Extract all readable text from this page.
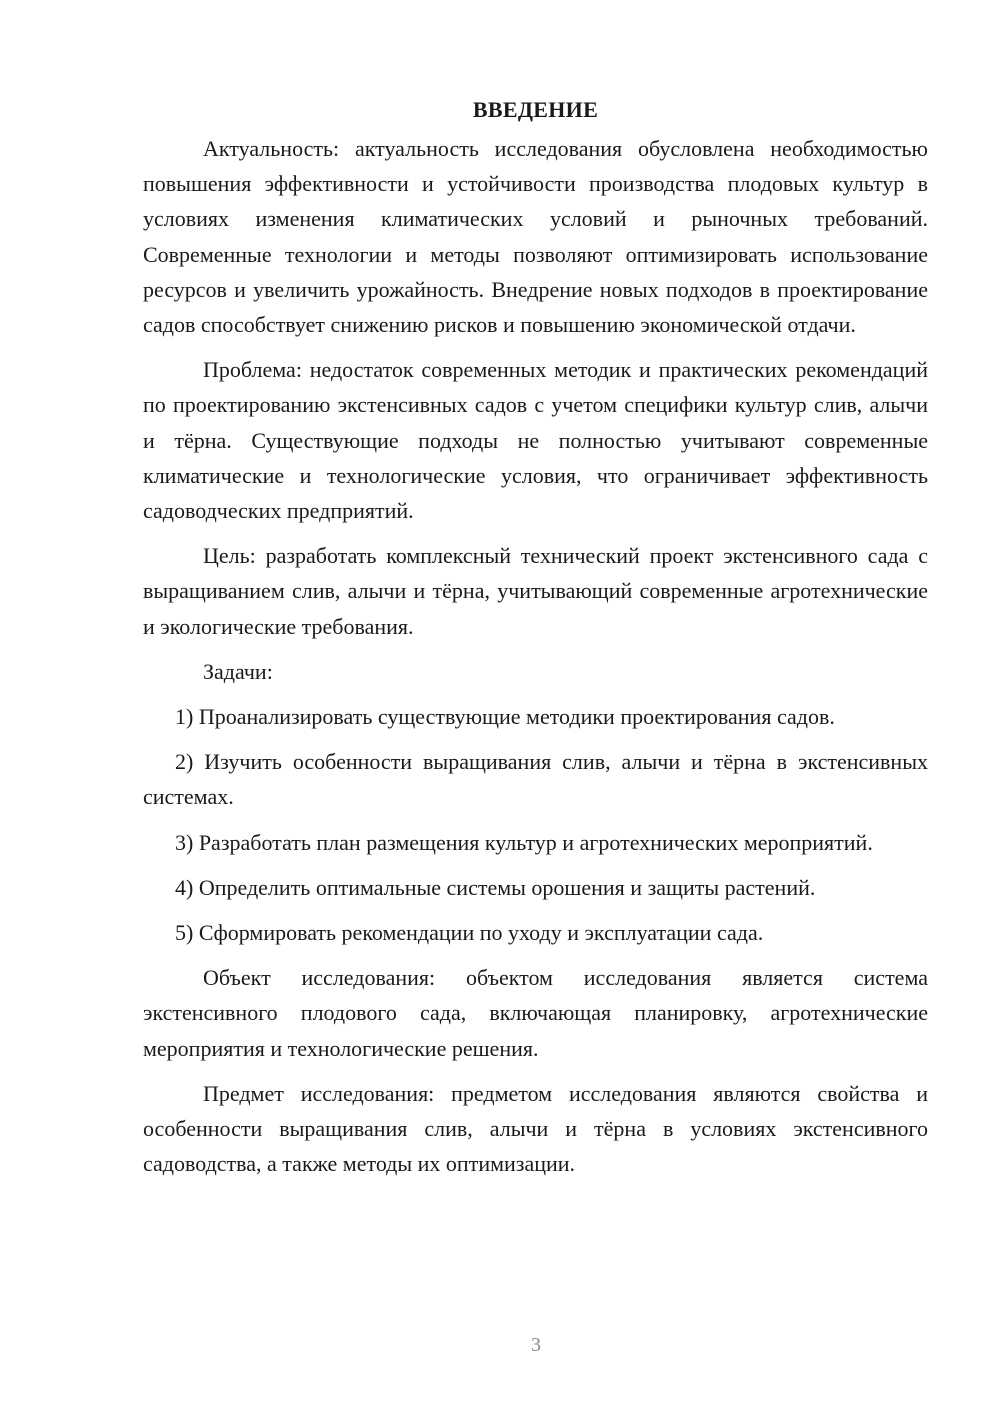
ВВЕДЕНИЕ

Актуальность: актуальность исследования обусловлена необходимостью повышения эффективности и устойчивости производства плодовых культур в условиях изменения климатических условий и рыночных требований. Современные технологии и методы позволяют оптимизировать использование ресурсов и увеличить урожайность. Внедрение новых подходов в проектирование садов способствует снижению рисков и повышению экономической отдачи.

Проблема: недостаток современных методик и практических рекомендаций по проектированию экстенсивных садов с учетом специфики культур слив, алычи и тёрна. Существующие подходы не полностью учитывают современные климатические и технологические условия, что ограничивает эффективность садоводческих предприятий.

Цель: разработать комплексный технический проект экстенсивного сада с выращиванием слив, алычи и тёрна, учитывающий современные агротехнические и экологические требования.

Задачи:

1) Проанализировать существующие методики проектирования садов.

2) Изучить особенности выращивания слив, алычи и тёрна в экстенсивных системах.

3) Разработать план размещения культур и агротехнических мероприятий.

4) Определить оптимальные системы орошения и защиты растений.

5) Сформировать рекомендации по уходу и эксплуатации сада.

Объект исследования: объектом исследования является система экстенсивного плодового сада, включающая планировку, агротехнические мероприятия и технологические решения.

Предмет исследования: предметом исследования являются свойства и особенности выращивания слив, алычи и тёрна в условиях экстенсивного садоводства, а также методы их оптимизации.

3
